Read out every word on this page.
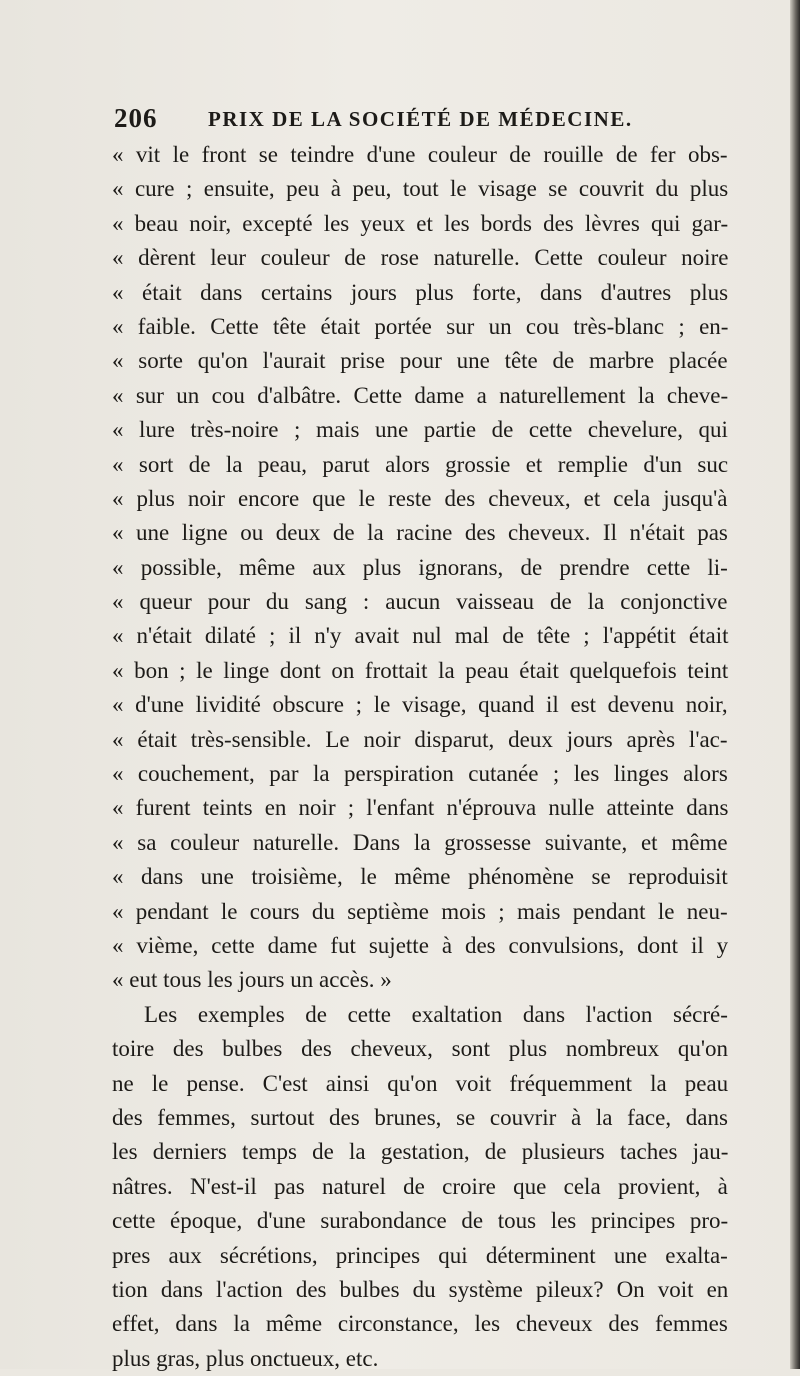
206 PRIX DE LA SOCIÉTÉ DE MÉDECINE.
« vit le front se teindre d'une couleur de rouille de fer obs-
« cure ; ensuite, peu à peu, tout le visage se couvrit du plus
« beau noir, excepté les yeux et les bords des lèvres qui gar-
« dèrent leur couleur de rose naturelle. Cette couleur noire
« était dans certains jours plus forte, dans d'autres plus
« faible. Cette tête était portée sur un cou très-blanc ; en-
« sorte qu'on l'aurait prise pour une tête de marbre placée
« sur un cou d'albâtre. Cette dame a naturellement la cheve-
« lure très-noire ; mais une partie de cette chevelure, qui
« sort de la peau, parut alors grossie et remplie d'un suc
« plus noir encore que le reste des cheveux, et cela jusqu'à
« une ligne ou deux de la racine des cheveux. Il n'était pas
« possible, même aux plus ignorans, de prendre cette li-
« queur pour du sang : aucun vaisseau de la conjonctive
« n'était dilaté ; il n'y avait nul mal de tête ; l'appétit était
« bon ; le linge dont on frottait la peau était quelquefois teint
« d'une lividité obscure ; le visage, quand il est devenu noir,
« était très-sensible. Le noir disparut, deux jours après l'ac-
« couchement, par la perspiration cutanée ; les linges alors
« furent teints en noir ; l'enfant n'éprouva nulle atteinte dans
« sa couleur naturelle. Dans la grossesse suivante, et même
« dans une troisième, le même phénomène se reproduisit
« pendant le cours du septième mois ; mais pendant le neu-
« vième, cette dame fut sujette à des convulsions, dont il y
« eut tous les jours un accès. »
Les exemples de cette exaltation dans l'action sécré-
toire des bulbes des cheveux, sont plus nombreux qu'on
ne le pense. C'est ainsi qu'on voit fréquemment la peau
des femmes, surtout des brunes, se couvrir à la face, dans
les derniers temps de la gestation, de plusieurs taches jau-
nâtres. N'est-il pas naturel de croire que cela provient, à
cette époque, d'une surabondance de tous les principes pro-
pres aux sécrétions, principes qui déterminent une exalta-
tion dans l'action des bulbes du système pileux? On voit en
effet, dans la même circonstance, les cheveux des femmes
plus gras, plus onctueux, etc.
